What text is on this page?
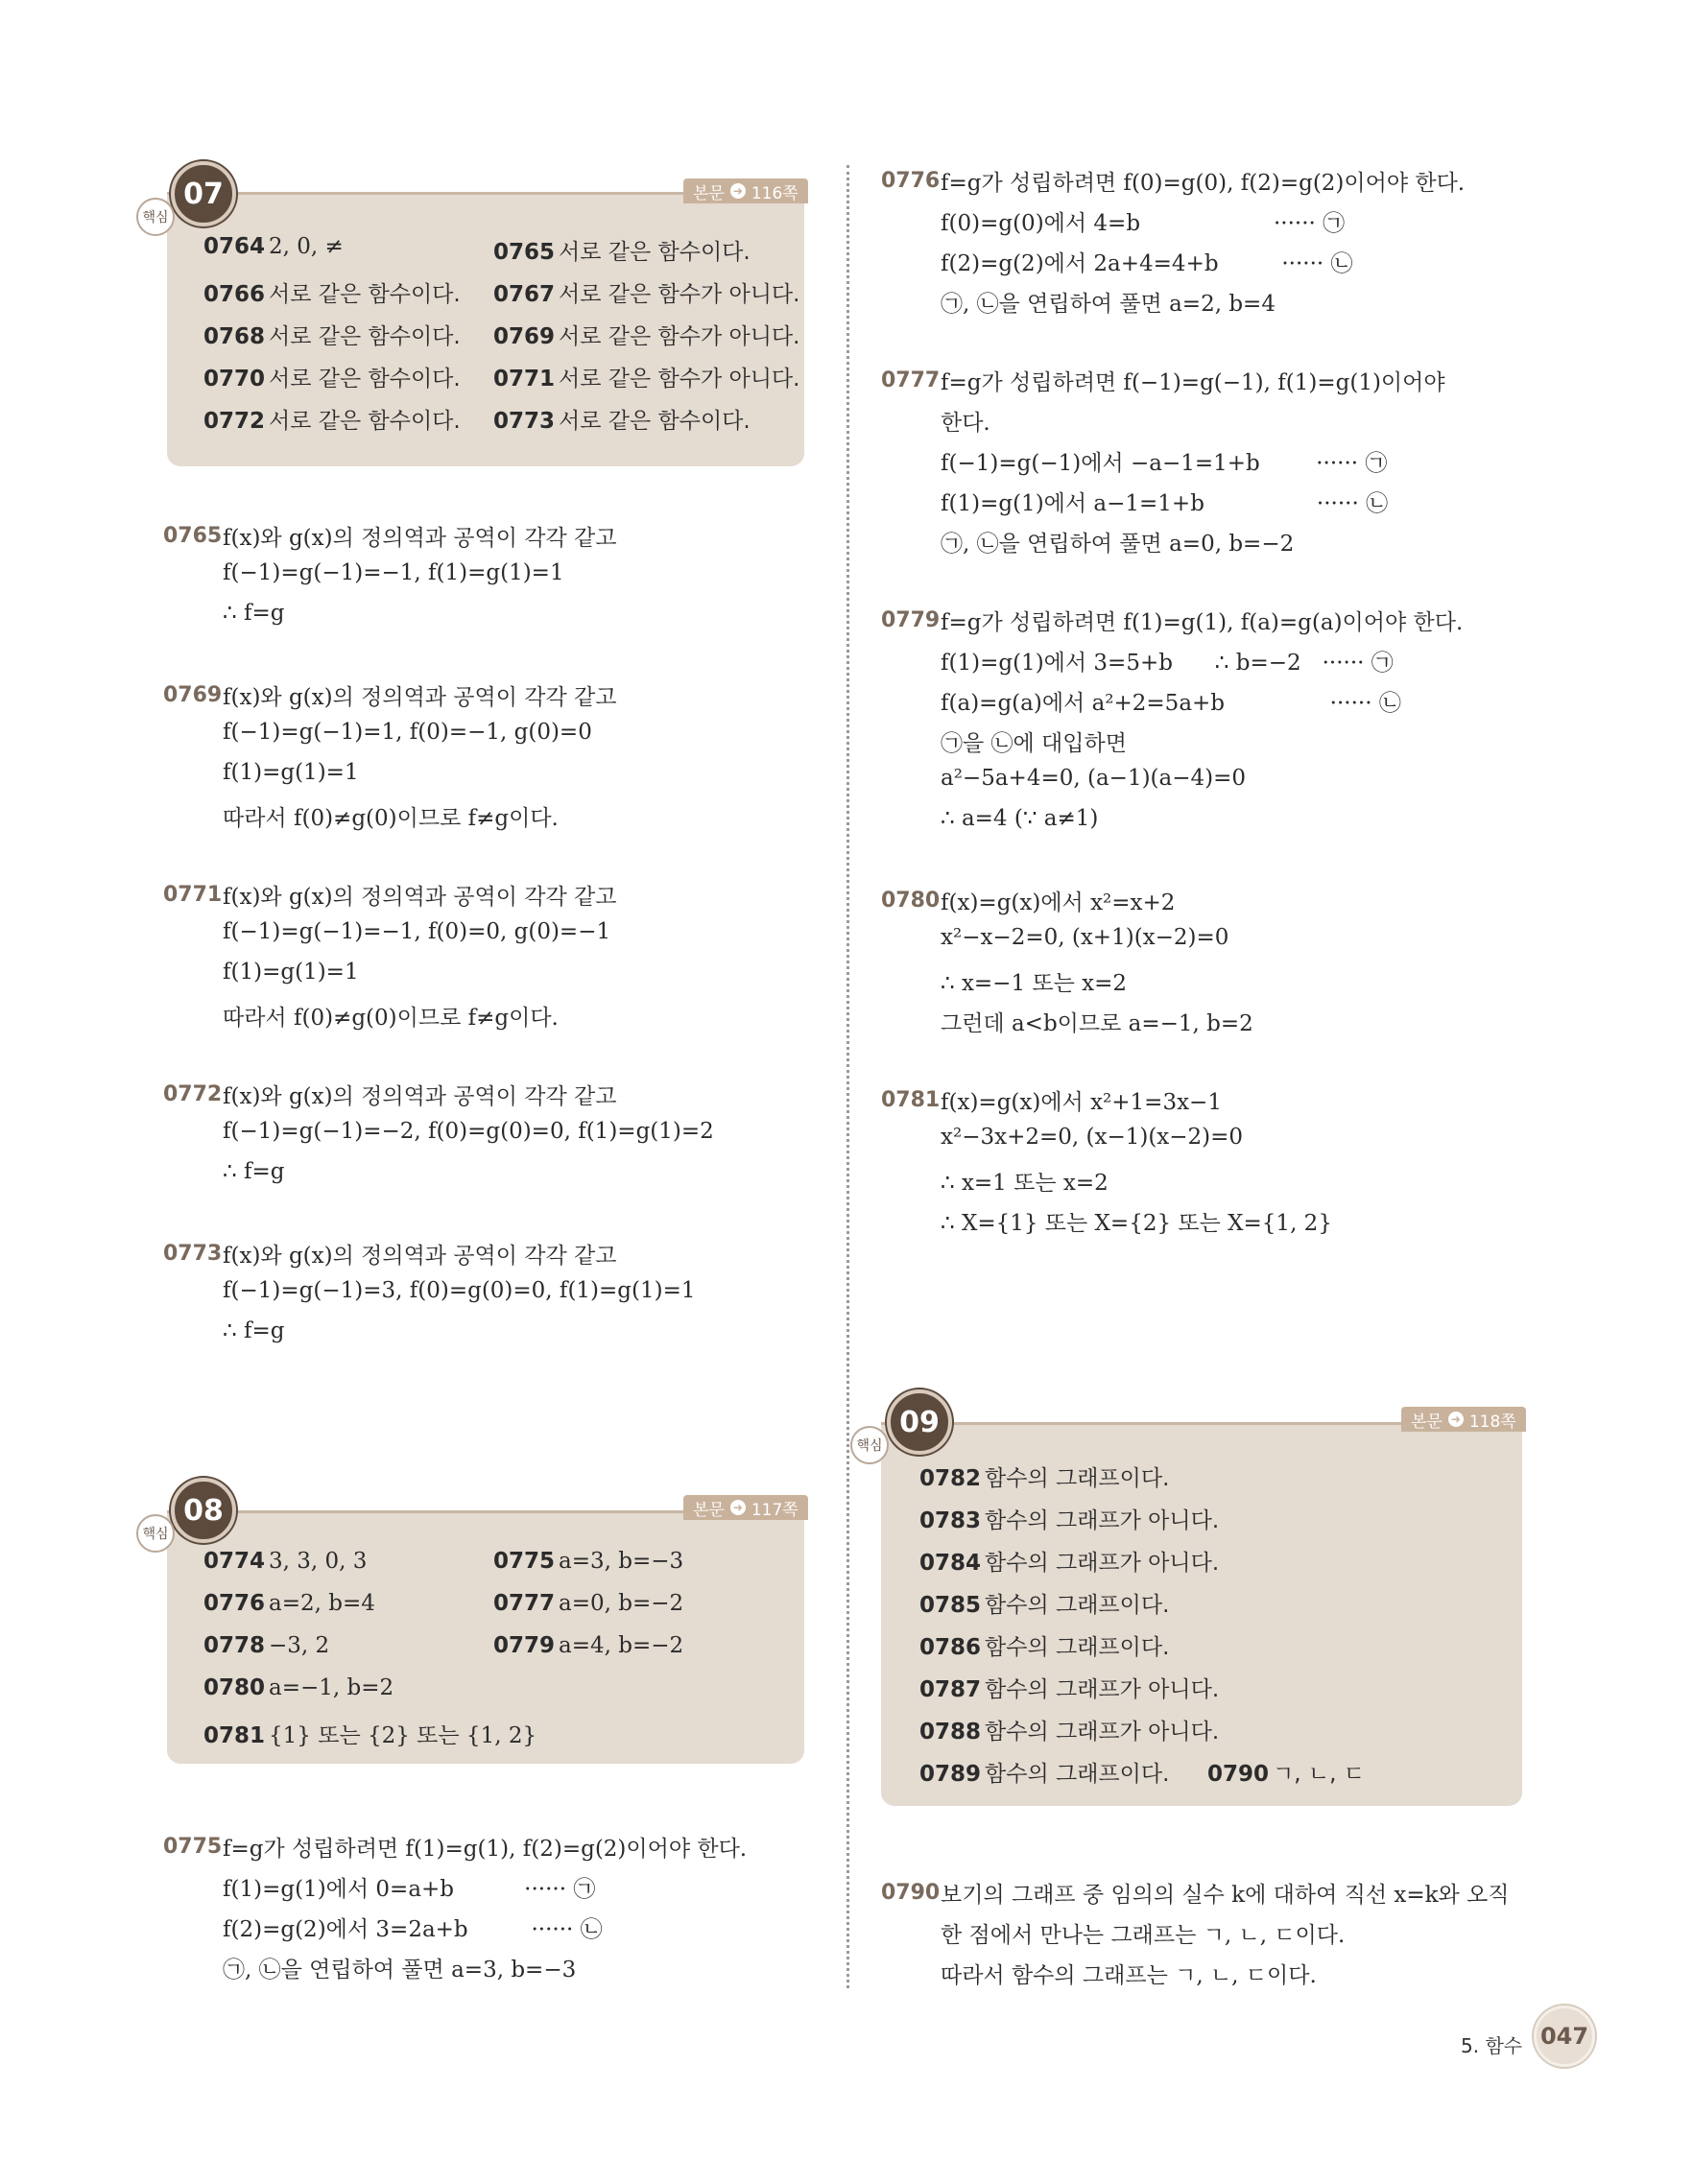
0764 2, 0, ≠	0765 서로 같은 함수이다.
0766 서로 같은 함수이다. 0767 서로 같은 함수가 아니다.
0768 서로 같은 함수이다. 0769 서로 같은 함수가 아니다.
0770 서로 같은 함수이다. 0771 서로 같은 함수가 아니다.
0772 서로 같은 함수이다. 0773 서로 같은 함수이다.
07
핵심
본문 ➜ 116쪽
0774 3, 3, 0, 3	0775 a=3, b=−3
0776 a=2, b=4	0777 a=0, b=−2
0778 −3, 2	0779 a=4, b=−2
0780 a=−1, b=2
0781 {1} 또는 {2} 또는 {1, 2}
08
핵심
본문 ➜ 117쪽
0782 함수의 그래프이다.
0783 함수의 그래프가 아니다.
0784 함수의 그래프가 아니다.
0785 함수의 그래프이다.
0786 함수의 그래프이다.
0787 함수의 그래프가 아니다.
0788 함수의 그래프가 아니다.
0789 함수의 그래프이다. 0790 ㄱ, ㄴ, ㄷ
09
핵심
본문 ➜ 118쪽
0765 f(x)와 g(x)의 정의역과 공역이 각각 같고
f(−1)=g(−1)=−1, f(1)=g(1)=1
∴ f=g
0769 f(x)와 g(x)의 정의역과 공역이 각각 같고
f(−1)=g(−1)=1, f(0)=−1, g(0)=0
f(1)=g(1)=1
따라서 f(0)≠g(0)이므로 f≠g이다.
0771 f(x)와 g(x)의 정의역과 공역이 각각 같고
f(−1)=g(−1)=−1, f(0)=0, g(0)=−1
f(1)=g(1)=1
따라서 f(0)≠g(0)이므로 f≠g이다.
0772 f(x)와 g(x)의 정의역과 공역이 각각 같고
f(−1)=g(−1)=−2, f(0)=g(0)=0, f(1)=g(1)=2
∴ f=g
0773 f(x)와 g(x)의 정의역과 공역이 각각 같고
f(−1)=g(−1)=3, f(0)=g(0)=0, f(1)=g(1)=1
∴ f=g
0775 f=g가 성립하려면 f(1)=g(1), f(2)=g(2)이어야 한다.
f(1)=g(1)에서 0=a+b          ······ ㉠
f(2)=g(2)에서 3=2a+b         ······ ㉡
㉠, ㉡을 연립하여 풀면 a=3, b=−3
0776 f=g가 성립하려면 f(0)=g(0), f(2)=g(2)이어야 한다.
f(0)=g(0)에서 4=b                   ······ ㉠
f(2)=g(2)에서 2a+4=4+b         ······ ㉡
㉠, ㉡을 연립하여 풀면 a=2, b=4
0777 f=g가 성립하려면 f(−1)=g(−1), f(1)=g(1)이어야
한다.
f(−1)=g(−1)에서 −a−1=1+b        ······ ㉠
f(1)=g(1)에서 a−1=1+b                ······ ㉡
㉠, ㉡을 연립하여 풀면 a=0, b=−2
0779 f=g가 성립하려면 f(1)=g(1), f(a)=g(a)이어야 한다.
f(1)=g(1)에서 3=5+b      ∴ b=−2   ······ ㉠
f(a)=g(a)에서 a²+2=5a+b               ······ ㉡
㉠을 ㉡에 대입하면
a²−5a+4=0, (a−1)(a−4)=0
∴ a=4 (∵ a≠1)
0780 f(x)=g(x)에서 x²=x+2
x²−x−2=0, (x+1)(x−2)=0
∴ x=−1 또는 x=2
그런데 a<b이므로 a=−1, b=2
0781 f(x)=g(x)에서 x²+1=3x−1
x²−3x+2=0, (x−1)(x−2)=0
∴ x=1 또는 x=2
∴ X={1} 또는 X={2} 또는 X={1, 2}
0790 보기의 그래프 중 임의의 실수 k에 대하여 직선 x=k와 오직
한 점에서 만나는 그래프는 ㄱ, ㄴ, ㄷ이다.
따라서 함수의 그래프는 ㄱ, ㄴ, ㄷ이다.
5. 함수 047
